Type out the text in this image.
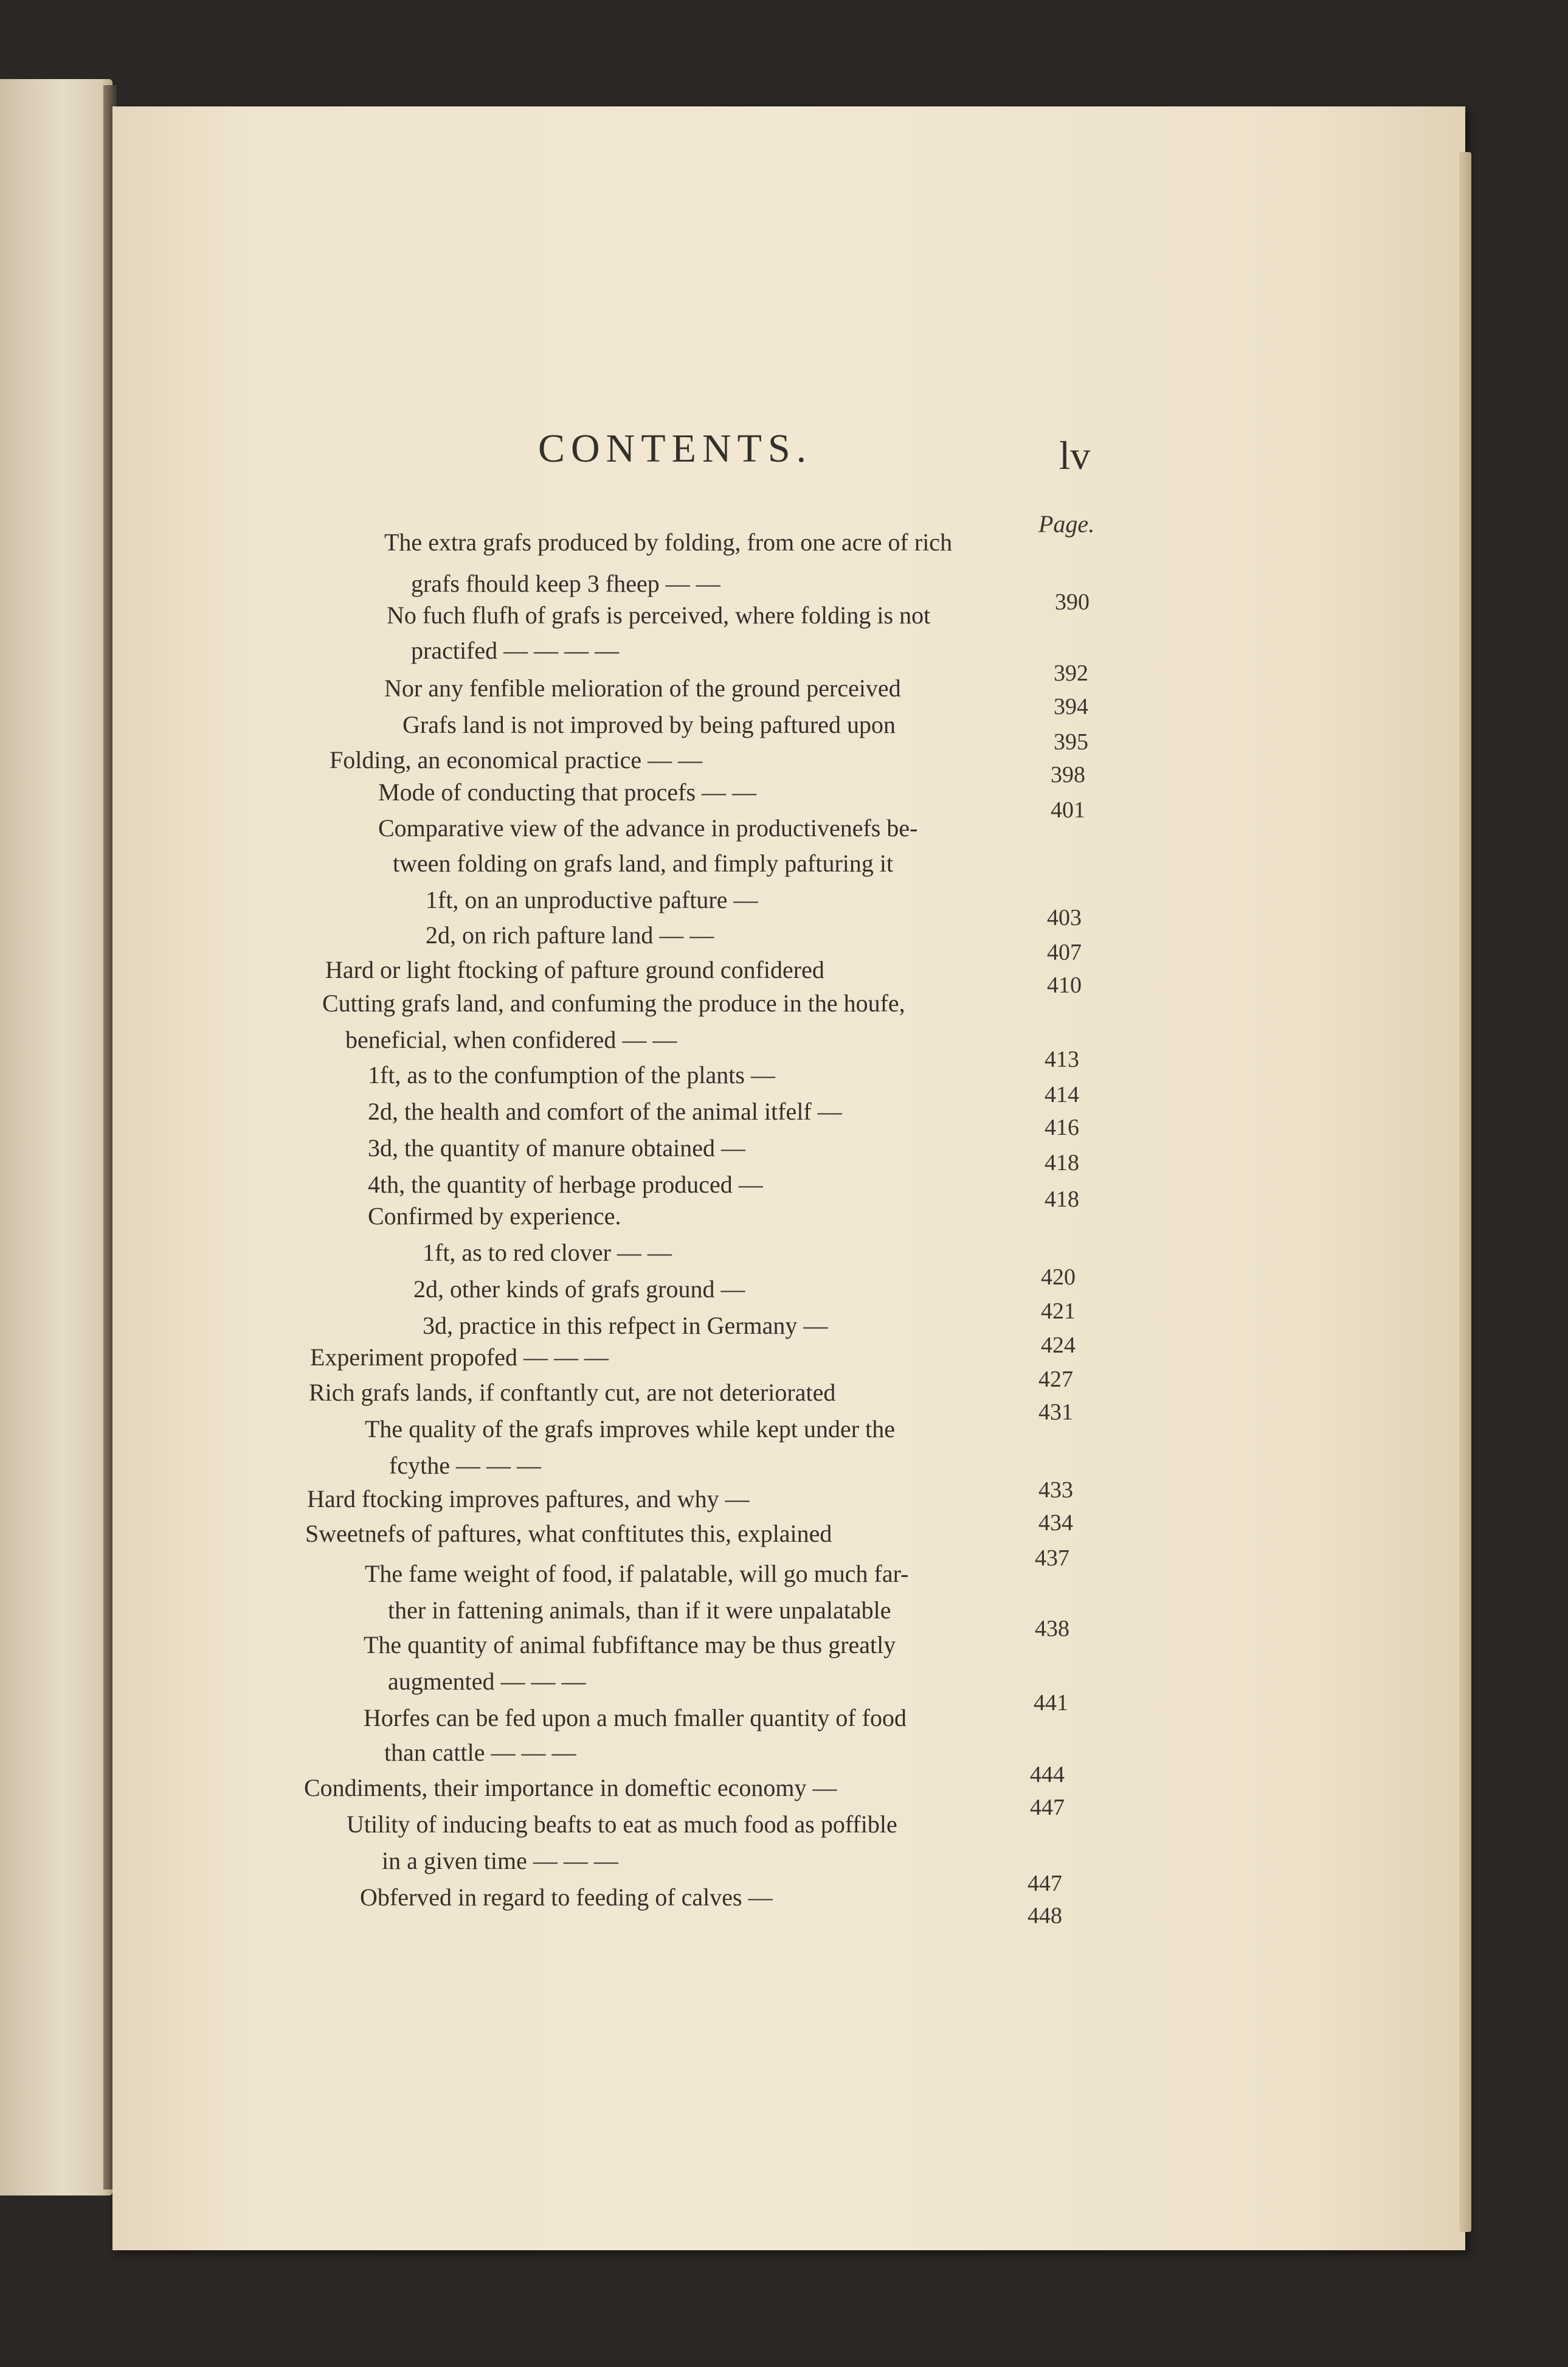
CONTENTS.	lv
Page.
The extra grafs produced by folding, from one acre of rich
grafs fhould keep 3 fheep — —
390
No fuch flufh of grafs is perceived, where folding is not
practifed — — — —
392
Nor any fenfible melioration of the ground perceived
394
Grafs land is not improved by being paftured upon
395
Folding, an economical practice — —
398
Mode of conducting that procefs — —
401
Comparative view of the advance in productivenefs be-
tween folding on grafs land, and fimply pafturing it
1ft, on an unproductive pafture —
403
2d, on rich pafture land — —
407
Hard or light ftocking of pafture ground confidered
410
Cutting grafs land, and confuming the produce in the houfe,
beneficial, when confidered — —
413
1ft, as to the confumption of the plants —
414
2d, the health and comfort of the animal itfelf —
416
3d, the quantity of manure obtained —
418
4th, the quantity of herbage produced —
418
Confirmed by experience.
1ft, as to red clover — —
420
2d, other kinds of grafs ground —
421
3d, practice in this refpect in Germany —
424
Experiment propofed — — —
427
Rich grafs lands, if conftantly cut, are not deteriorated
431
The quality of the grafs improves while kept under the
fcythe — — —
433
Hard ftocking improves paftures, and why —
434
Sweetnefs of paftures, what conftitutes this, explained
437
The fame weight of food, if palatable, will go much far-
ther in fattening animals, than if it were unpalatable
438
The quantity of animal fubfiftance may be thus greatly
augmented — — —
441
Horfes can be fed upon a much fmaller quantity of food
than cattle — — —
444
Condiments, their importance in domeftic economy —
447
Utility of inducing beafts to eat as much food as poffible
in a given time — — —
447
Obferved in regard to feeding of calves —
448
